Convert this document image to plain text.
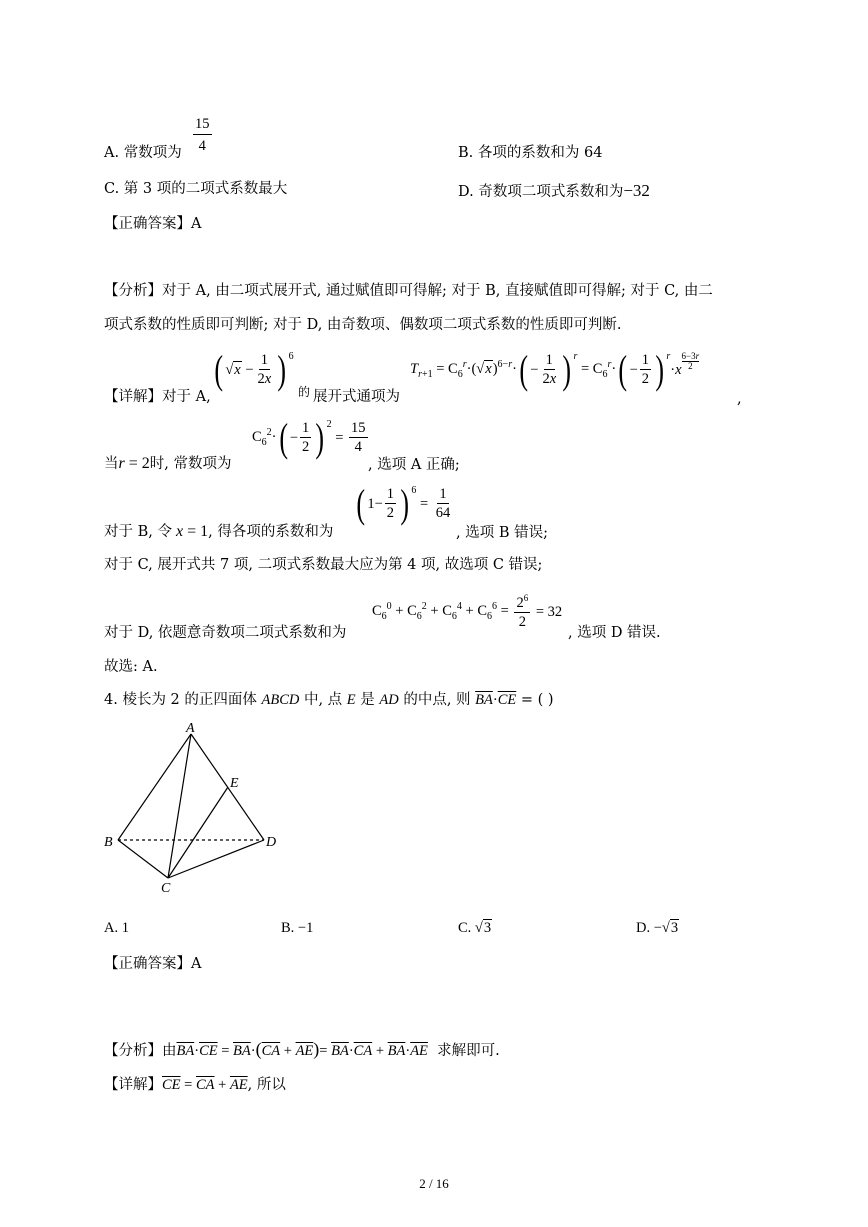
A. 常数项为
15
4	B. 各项的系数和为 64
C. 第 3 项的二项式系数最大	D. 奇数项二项式系数和为−32
【正确答案】A
【分析】对于 A, 由二项式展开式, 通过赋值即可得解; 对于 B, 直接赋值即可得解; 对于 C, 由二
项式系数的性质即可判断; 对于 D, 由奇数项、偶数项二项式系数的性质即可判断.
【详解】对于 A,
( $√x - \frac{1}{2x}$ ) $^6$
的 展开式通项为
$T_{r+1} = C_6^r\cdot(√x)^{6-r}\cdot( - \frac{1}{2x}$ ) $^r = C_6^r\cdot( - \frac{1}{2}$ ) $^r\cdot x \frac{6-3r}{2}$
,
当r = 2时, 常数项为
$C_6^2\cdot( - \frac{1}{2}$ ) $^2 = \frac{15}{4}$
, 选项 A 正确;
对于 B, 令 x = 1, 得各项的系数和为
( $1- \frac{1}{2}$ ) $^6 = \frac{1}{64}$
, 选项 B 错误;
对于 C, 展开式共 7 项, 二项式系数最大应为第 4 项, 故选项 C 错误;
对于 D, 依题意奇数项二项式系数和为
$C_6^0 + C_6^2 + C_6^4 + C_6^6 = \frac{2^6}{2} = 32$
, 选项 D 错误.
故选: A.
4. 棱长为 2 的正四面体 ABCD 中, 点 E 是 AD 的中点, 则 $\overline{BA}\cdot\overline{CE}$ = ( )
A
B
C
D
E
A. 1	B. −1	C. √3	D. −√3
【正确答案】A
【分析】由$\overline{BA}\cdot\overline{CE} = \overline{BA}\cdot(\overline{CA} + \overline{AE})= \overline{BA}\cdot\overline{CA} + \overline{BA}\cdot\overline{AE}$ 求解即可.
【详解】$\overline{CE} = \overline{CA} + \overline{AE}$, 所以
2 / 16
